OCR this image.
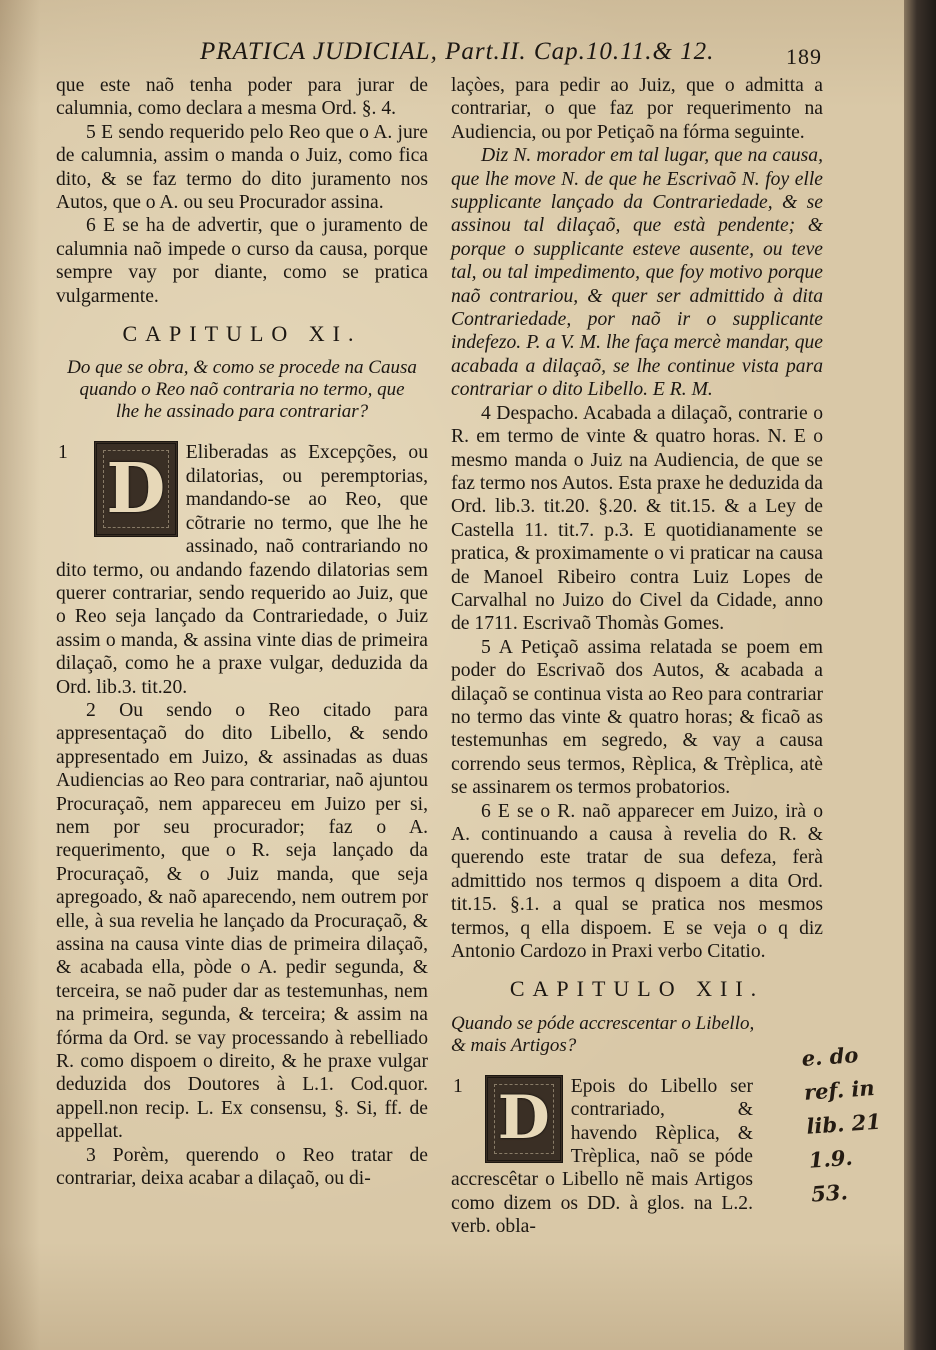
PRATICA JUDICIAL, Part.II. Cap.10.11.& 12.	189

que este naõ tenha poder para jurar de calumnia, como declara a mesma Ord. §. 4.

5 E sendo requerido pelo Reo que o A. jure de calumnia, assim o manda o Juiz, como fica dito, & se faz termo do dito juramento nos Autos, que o A. ou seu Procurador assina.

6 E se ha de advertir, que o juramento de calumnia naõ impede o curso da causa, porque sempre vay por diante, como se pratica vulgarmente.

CAPITULO XI.
Do que se obra, & como se procede na Causa quando o Reo naõ contraria no termo, que lhe he assinado para contrariar?
1 D	Eliberadas as Excepções, ou dilatorias, ou peremptorias, mandando-se ao Reo, que cõtrarie no termo, que lhe he assinado, naõ contrariando no dito termo, ou andando fazendo dilatorias sem querer contrariar, sendo requerido ao Juiz, que o Reo seja lançado da Contrariedade, o Juiz assim o manda, & assina vinte dias de primeira dilaçaõ, como he a praxe vulgar, deduzida da Ord. lib.3. tit.20.

2 Ou sendo o Reo citado para appresentaçaõ do dito Libello, & sendo appresentado em Juizo, & assinadas as duas Audiencias ao Reo para contrariar, naõ ajuntou Procuraçaõ, nem appareceu em Juizo per si, nem por seu procurador; faz o A. requerimento, que o R. seja lançado da Procuraçaõ, & o Juiz manda, que seja apregoado, & naõ aparecendo, nem outrem por elle, à sua revelia he lançado da Procuraçaõ, & assina na causa vinte dias de primeira dilaçaõ, & acabada ella, pòde o A. pedir segunda, & terceira, se naõ puder dar as testemunhas, nem na primeira, segunda, & terceira; & assim na fórma da Ord. se vay processando à rebelliado R. como dispoem o direito, & he praxe vulgar deduzida dos Doutores à L.1. Cod.quor. appell.non recip. L. Ex consensu, §. Si, ff. de appellat.

3 Porèm, querendo o Reo tratar de contrariar, deixa acabar a dilaçaõ, ou di-

laçòes, para pedir ao Juiz, que o admitta a contrariar, o que faz por requerimento na Audiencia, ou por Petiçaõ na fórma seguinte.

Diz N. morador em tal lugar, que na causa, que lhe move N. de que he Escrivaõ N. foy elle supplicante lançado da Contrariedade, & se assinou tal dilaçaõ, que està pendente; & porque o supplicante esteve ausente, ou teve tal, ou tal impedimento, que foy motivo porque naõ contrariou, & quer ser admittido à dita Contrariedade, por naõ ir o supplicante indefezo. P. a V. M. lhe faça mercè mandar, que acabada a dilaçaõ, se lhe continue vista para contrariar o dito Libello. E R. M.

4 Despacho. Acabada a dilaçaõ, contrarie o R. em termo de vinte & quatro horas. N. E o mesmo manda o Juiz na Audiencia, de que se faz termo nos Autos. Esta praxe he deduzida da Ord. lib.3. tit.20. §.20. & tit.15. & a Ley de Castella 11. tit.7. p.3. E quotidianamente se pratica, & proximamente o vi praticar na causa de Manoel Ribeiro contra Luiz Lopes de Carvalhal no Juizo do Civel da Cidade, anno de 1711. Escrivaõ Thomàs Gomes.

5 A Petiçaõ assima relatada se poem em poder do Escrivaõ dos Autos, & acabada a dilaçaõ se continua vista ao Reo para contrariar no termo das vinte & quatro horas; & ficaõ as testemunhas em segredo, & vay a causa correndo seus termos, Rèplica, & Trèplica, atè se assinarem os termos probatorios.

6 E se o R. naõ apparecer em Juizo, irà o A. continuando a causa à revelia do R. & querendo este tratar de sua defeza, ferà admittido nos termos q dispoem a dita Ord. tit.15. §.1. a qual se pratica nos mesmos termos, q ella dispoem. E se veja o q diz Antonio Cardozo in Praxi verbo Citatio.

CAPITULO XII.
Quando se póde accrescentar o Libello, & mais Artigos?
1 D	Epois do Libello ser contrariado, & havendo Rèplica, & Trèplica, naõ se póde accrescêtar o Libello nẽ mais Artigos como dizem os DD. à glos. na L.2. verb. obla-

e. do
ref. in
lib. 21
1.9.
53.
